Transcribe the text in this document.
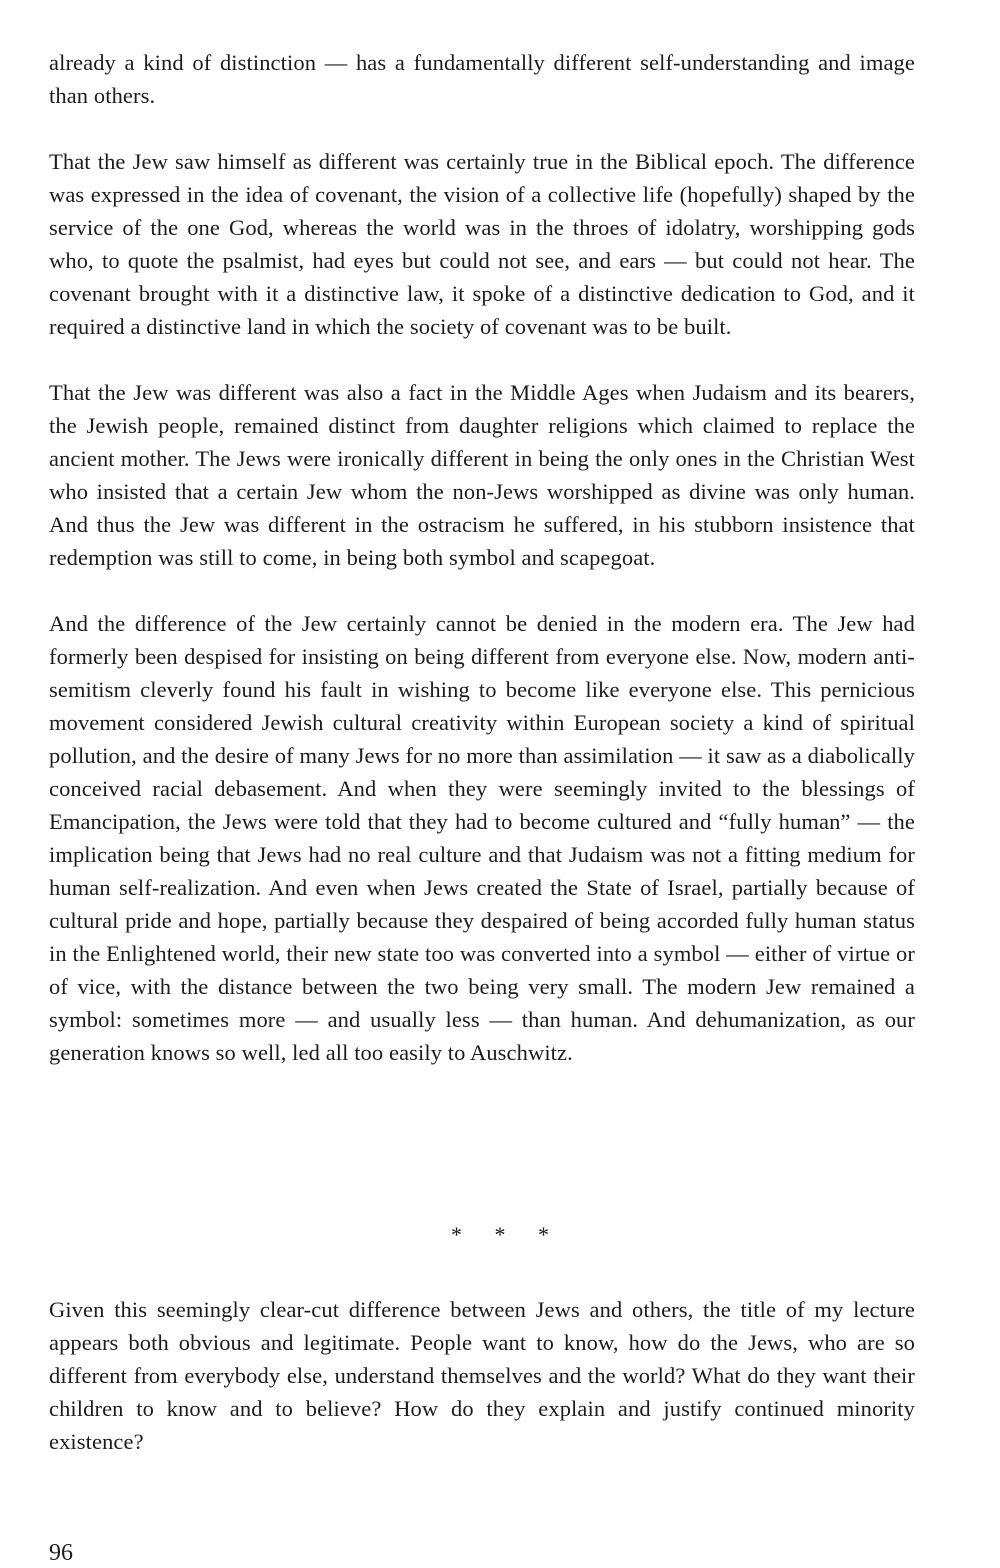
already a kind of distinction — has a fundamentally different self-understanding and image than others.

That the Jew saw himself as different was certainly true in the Biblical epoch. The difference was expressed in the idea of covenant, the vision of a collective life (hopefully) shaped by the service of the one God, whereas the world was in the throes of idolatry, worshipping gods who, to quote the psalmist, had eyes but could not see, and ears — but could not hear. The covenant brought with it a distinctive law, it spoke of a distinctive dedication to God, and it required a distinctive land in which the society of covenant was to be built.

That the Jew was different was also a fact in the Middle Ages when Judaism and its bearers, the Jewish people, remained distinct from daughter religions which claimed to replace the ancient mother. The Jews were ironically different in being the only ones in the Christian West who insisted that a certain Jew whom the non-Jews worshipped as divine was only human. And thus the Jew was different in the ostracism he suffered, in his stubborn insistence that redemption was still to come, in being both symbol and scapegoat.

And the difference of the Jew certainly cannot be denied in the modern era. The Jew had formerly been despised for insisting on being different from everyone else. Now, modern anti-semitism cleverly found his fault in wishing to become like everyone else. This pernicious movement considered Jewish cultural creativity within European society a kind of spiritual pollution, and the desire of many Jews for no more than assimilation — it saw as a diabolically conceived racial debasement. And when they were seemingly invited to the blessings of Emancipation, the Jews were told that they had to become cultured and “fully human” — the implication being that Jews had no real culture and that Judaism was not a fitting medium for human self-realization. And even when Jews created the State of Israel, partially because of cultural pride and hope, partially because they despaired of being accorded fully human status in the Enlightened world, their new state too was converted into a symbol — either of virtue or of vice, with the distance between the two being very small. The modern Jew remained a symbol: sometimes more — and usually less — than human. And dehumanization, as our generation knows so well, led all too easily to Auschwitz.

* * *

Given this seemingly clear-cut difference between Jews and others, the title of my lecture appears both obvious and legitimate. People want to know, how do the Jews, who are so different from everybody else, understand themselves and the world? What do they want their children to know and to believe? How do they explain and justify continued minority existence?

96
